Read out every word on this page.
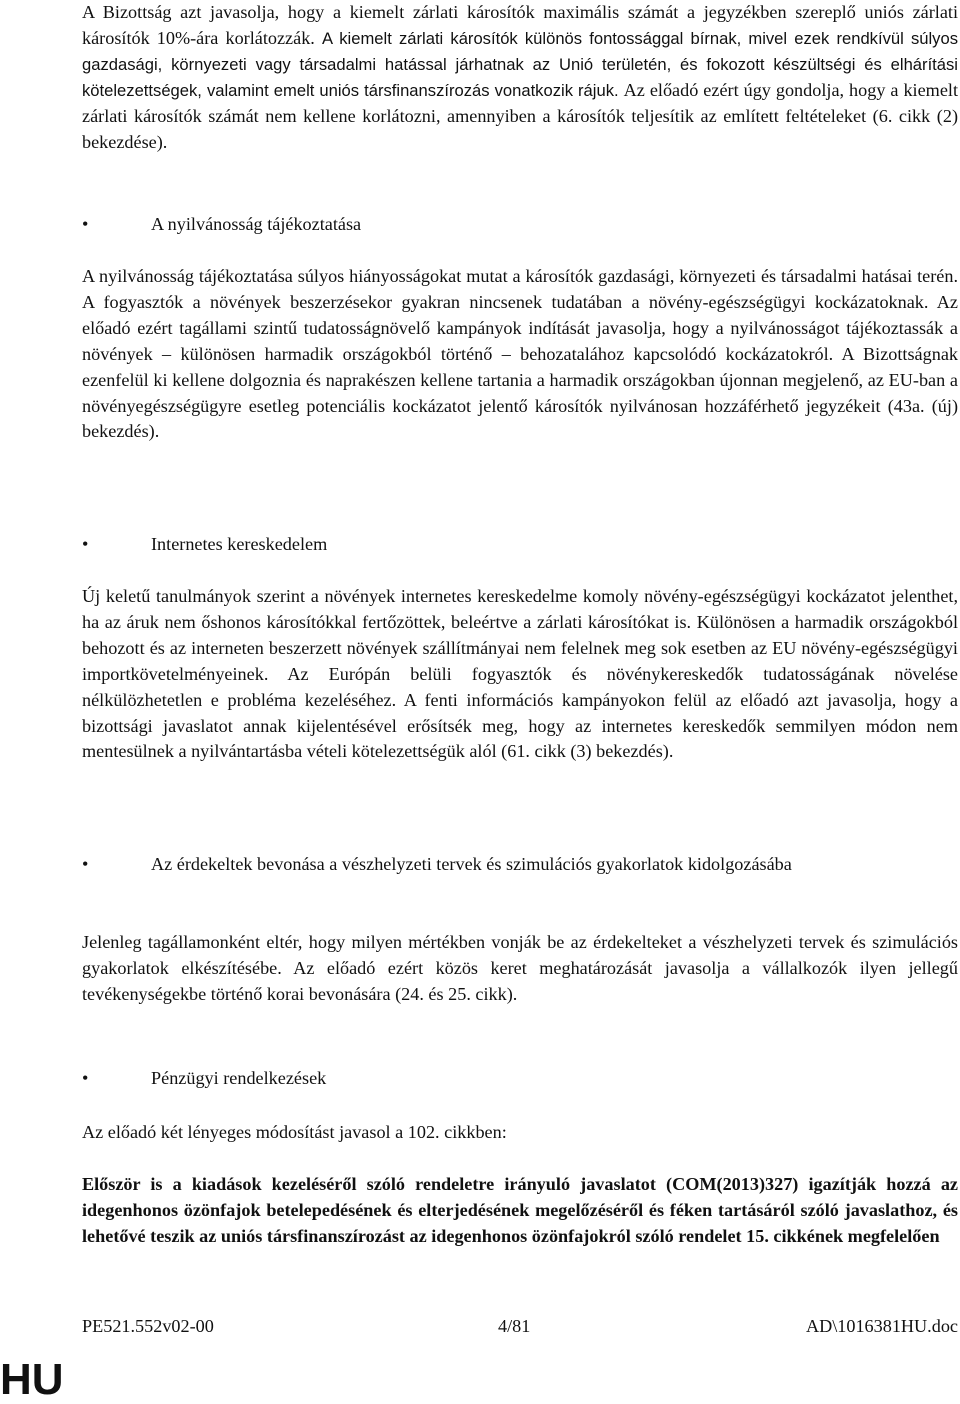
A Bizottság azt javasolja, hogy a kiemelt zárlati károsítók maximális számát a jegyzékben szereplő uniós zárlati károsítók 10%-ára korlátozzák. A kiemelt zárlati károsítók különös fontossággal bírnak, mivel ezek rendkívül súlyos gazdasági, környezeti vagy társadalmi hatással járhatnak az Unió területén, és fokozott készültségi és elhárítási kötelezettségek, valamint emelt uniós társfinanszírozás vonatkozik rájuk. Az előadó ezért úgy gondolja, hogy a kiemelt zárlati károsítók számát nem kellene korlátozni, amennyiben a károsítók teljesítik az említett feltételeket (6. cikk (2) bekezdése).

•	A nyilvánosság tájékoztatása

A nyilvánosság tájékoztatása súlyos hiányosságokat mutat a károsítók gazdasági, környezeti és társadalmi hatásai terén. A fogyasztók a növények beszerzésekor gyakran nincsenek tudatában a növény-egészségügyi kockázatoknak. Az előadó ezért tagállami szintű tudatosságnövelő kampányok indítását javasolja, hogy a nyilvánosságot tájékoztassák a növények – különösen harmadik országokból történő – behozatalához kapcsolódó kockázatokról. A Bizottságnak ezenfelül ki kellene dolgoznia és naprakészen kellene tartania a harmadik országokban újonnan megjelenő, az EU-ban a növényegészségügyre esetleg potenciális kockázatot jelentő károsítók nyilvánosan hozzáférhető jegyzékeit (43a. (új) bekezdés).

•	Internetes kereskedelem

Új keletű tanulmányok szerint a növények internetes kereskedelme komoly növény-egészségügyi kockázatot jelenthet, ha az áruk nem őshonos károsítókkal fertőzöttek, beleértve a zárlati károsítókat is. Különösen a harmadik országokból behozott és az interneten beszerzett növények szállítmányai nem felelnek meg sok esetben az EU növény-egészségügyi importkövetelményeinek. Az Európán belüli fogyasztók és növénykereskedők tudatosságának növelése nélkülözhetetlen e probléma kezeléséhez. A fenti információs kampányokon felül az előadó azt javasolja, hogy a bizottsági javaslatot annak kijelentésével erősítsék meg, hogy az internetes kereskedők semmilyen módon nem mentesülnek a nyilvántartásba vételi kötelezettségük alól (61. cikk (3) bekezdés).

•	Az érdekeltek bevonása a vészhelyzeti tervek és szimulációs gyakorlatok kidolgozásába

Jelenleg tagállamonként eltér, hogy milyen mértékben vonják be az érdekelteket a vészhelyzeti tervek és szimulációs gyakorlatok elkészítésébe. Az előadó ezért közös keret meghatározását javasolja a vállalkozók ilyen jellegű tevékenységekbe történő korai bevonására (24. és 25. cikk).

•	Pénzügyi rendelkezések

Az előadó két lényeges módosítást javasol a 102. cikkben:

Először is a kiadások kezeléséről szóló rendeletre irányuló javaslatot (COM(2013)327) igazítják hozzá az idegenhonos özönfajok betelepedésének és elterjedésének megelőzéséről és féken tartásáról szóló javaslathoz, és lehetővé teszik az uniós társfinanszírozást az idegenhonos özönfajokról szóló rendelet 15. cikkének megfelelően

PE521.552v02-00	4/81	AD\1016381HU.doc
HU
